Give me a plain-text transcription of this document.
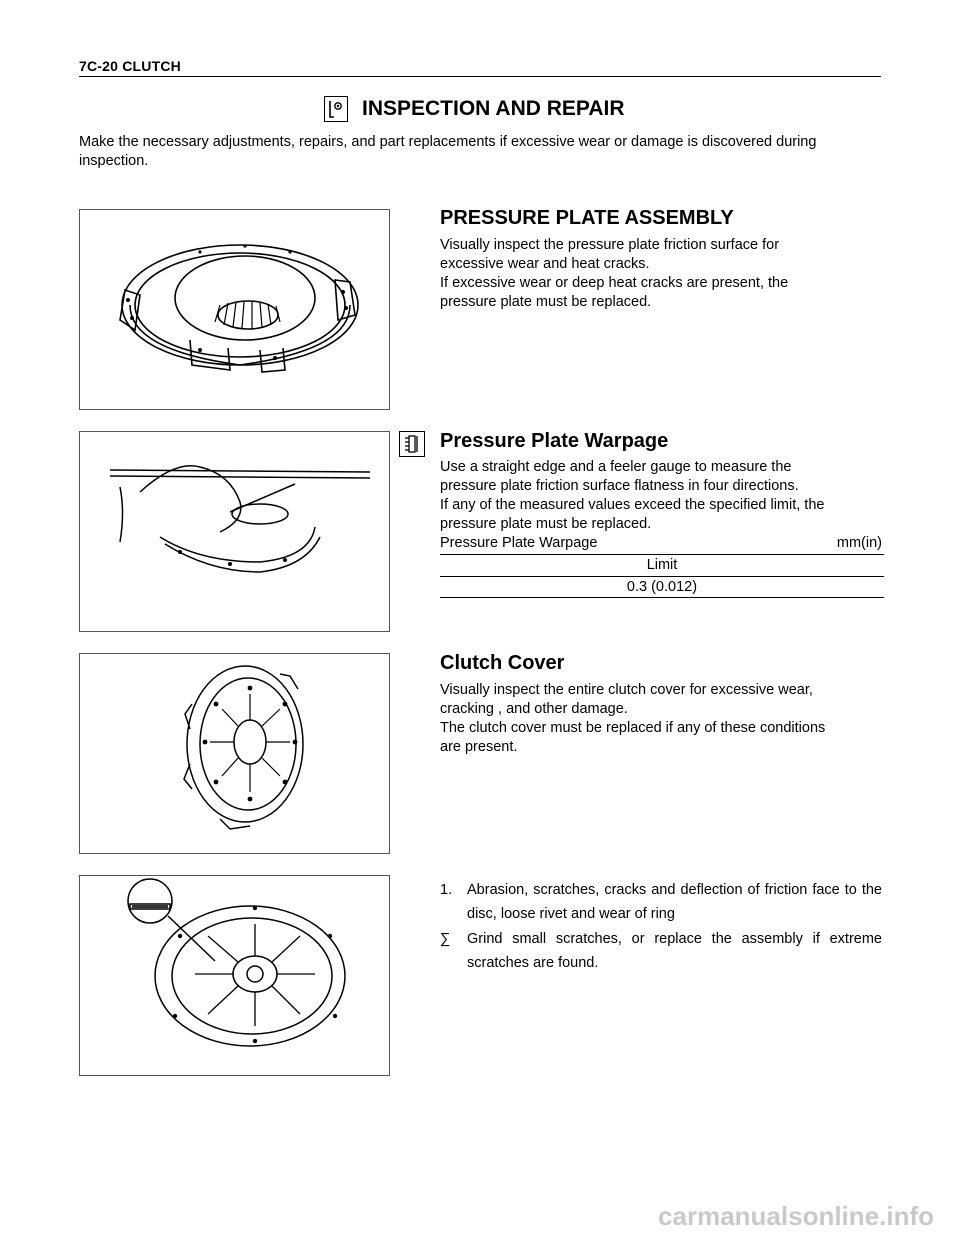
7C-20 CLUTCH
INSPECTION AND REPAIR
Make the necessary adjustments, repairs, and part replacements if excessive wear or damage is discovered during inspection.
PRESSURE PLATE ASSEMBLY

Visually inspect the pressure plate friction surface for

excessive wear and heat cracks.

If excessive wear or deep heat cracks are present, the

pressure plate must be replaced.

Pressure Plate Warpage

Use a straight edge and a feeler gauge to measure the

pressure plate friction surface flatness in four directions.

If any of the measured values exceed the specified limit, the

pressure plate must be replaced.

Pressure Plate Warpage	mm(in)
Limit
0.3 (0.012)
Clutch Cover

Visually inspect the entire clutch cover for excessive wear,

cracking , and other damage.

The clutch cover must be replaced if any of these conditions

are present.

1. Abrasion, scratches, cracks and deflection of friction face to the disc, loose rivet and wear of ring
∑ Grind small scratches, or replace the assembly if extreme scratches are found.
carmanualsonline.info
